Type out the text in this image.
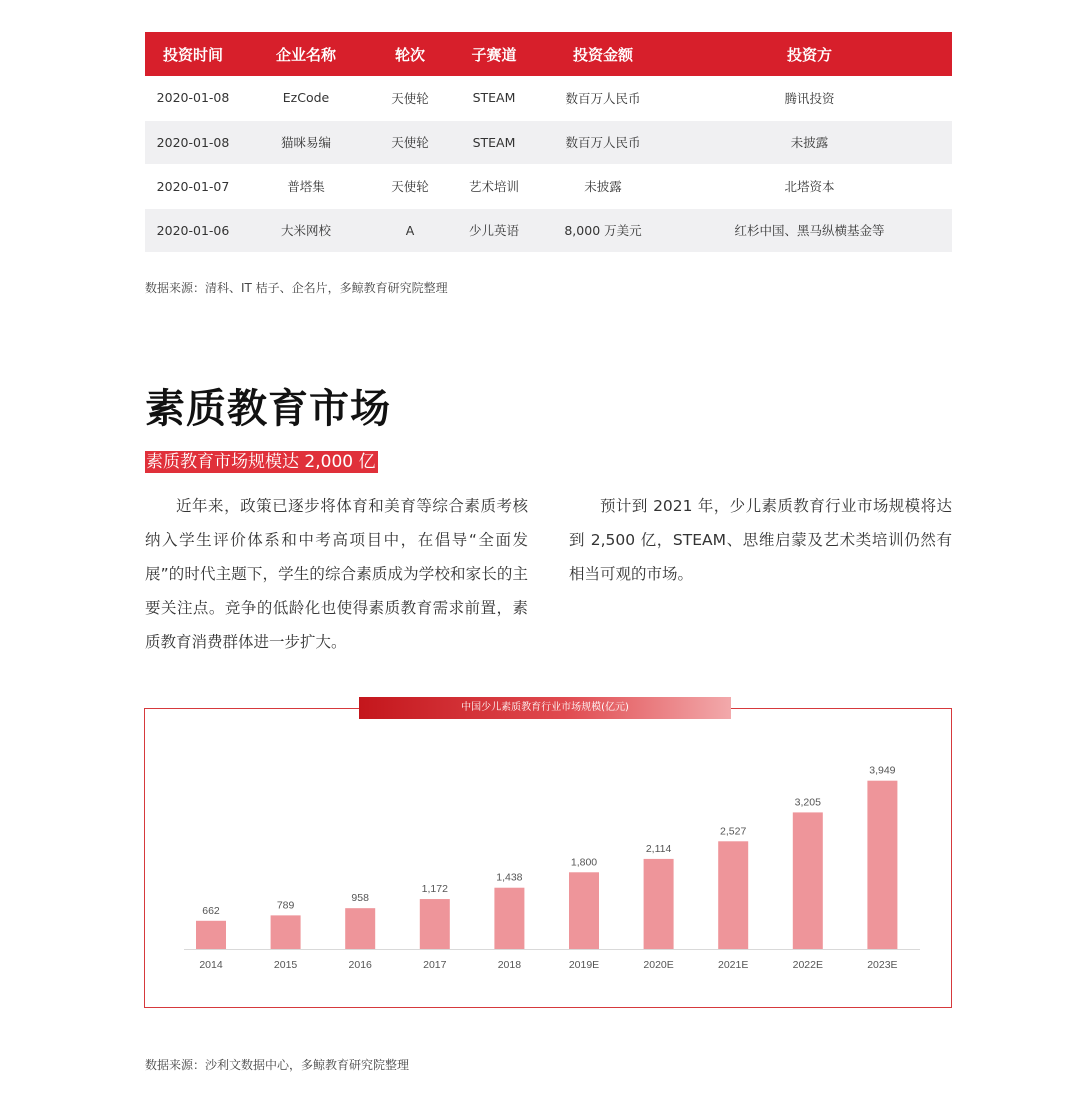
投资时间	企业名称	轮次	子赛道	投资金额	投资方
2020-01-08	EzCode	天使轮	STEAM	数百万人民币	腾讯投资
2020-01-08	猫咪易编	天使轮	STEAM	数百万人民币	未披露
2020-01-07	普塔集	天使轮	艺术培训	未披露	北塔资本
2020-01-06	大米网校	A	少儿英语	8,000 万美元	红杉中国、黑马纵横基金等
数据来源：清科、IT 桔子、企名片，多鲸教育研究院整理
素质教育市场
素质教育市场规模达 2,000 亿

近年来，政策已逐步将体育和美育等综合素质考核纳入学生评价体系和中考高项目中，在倡导“全面发展”的时代主题下，学生的综合素质成为学校和家长的主要关注点。竞争的低龄化也使得素质教育需求前置，素质教育消费群体进一步扩大。

预计到 2021 年，少儿素质教育行业市场规模将达到 2,500 亿，STEAM、思维启蒙及艺术类培训仍然有相当可观的市场。

662
2014
789
2015
958
2016
1,172
2017
1,438
2018
1,800
2019E
2,114
2020E
2,527
2021E
3,205
2022E
3,949
2023E
中国少儿素质教育行业市场规模(亿元)
数据来源：沙利文数据中心，多鲸教育研究院整理
